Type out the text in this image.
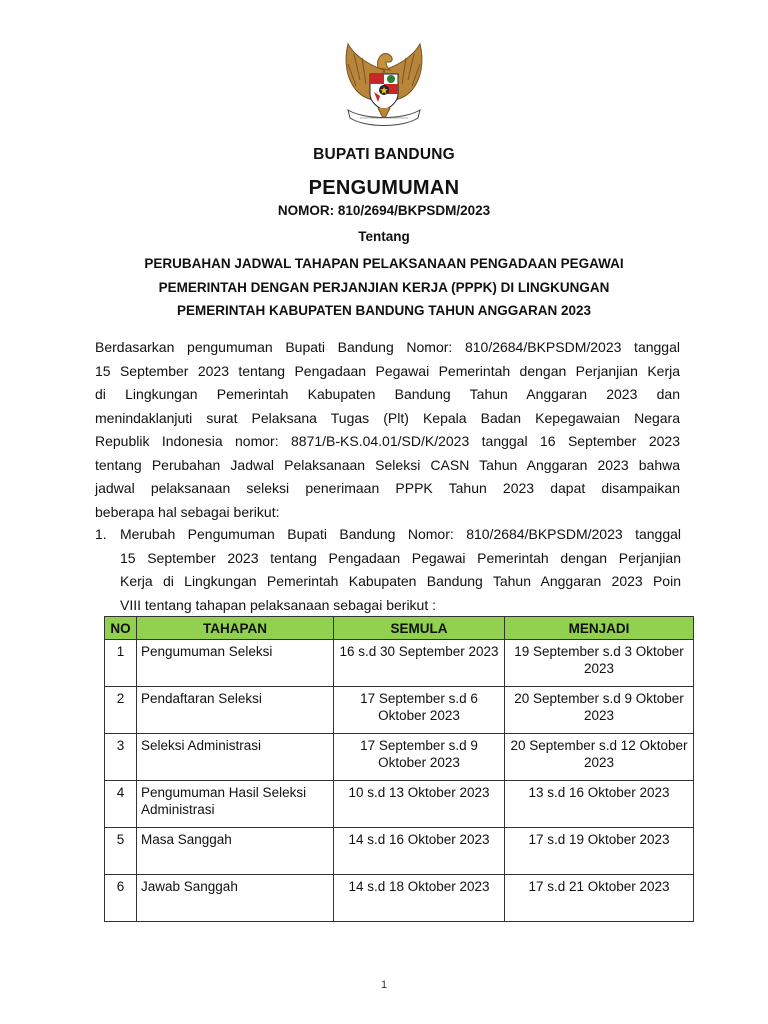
BUPATI BANDUNG
PENGUMUMAN
NOMOR: 810/2694/BKPSDM/2023
Tentang
PERUBAHAN JADWAL TAHAPAN PELAKSANAAN PENGADAAN PEGAWAI
PEMERINTAH DENGAN PERJANJIAN KERJA (PPPK) DI LINGKUNGAN
PEMERINTAH KABUPATEN BANDUNG TAHUN ANGGARAN 2023
Berdasarkan pengumuman Bupati Bandung Nomor: 810/2684/BKPSDM/2023 tanggal
15 September 2023 tentang Pengadaan Pegawai Pemerintah dengan Perjanjian Kerja
di Lingkungan Pemerintah Kabupaten Bandung Tahun Anggaran 2023 dan
menindaklanjuti surat Pelaksana Tugas (Plt) Kepala Badan Kepegawaian Negara
Republik Indonesia nomor: 8871/B-KS.04.01/SD/K/2023 tanggal 16 September 2023
tentang Perubahan Jadwal Pelaksanaan Seleksi CASN Tahun Anggaran 2023 bahwa
jadwal pelaksanaan seleksi penerimaan PPPK Tahun 2023 dapat disampaikan
beberapa hal sebagai berikut:
1. Merubah Pengumuman Bupati Bandung Nomor: 810/2684/BKPSDM/2023 tanggal
15 September 2023 tentang Pengadaan Pegawai Pemerintah dengan Perjanjian
Kerja di Lingkungan Pemerintah Kabupaten Bandung Tahun Anggaran 2023 Poin
VIII tentang tahapan pelaksanaan sebagai berikut :
NO	TAHAPAN	SEMULA	MENJADI
1	Pengumuman Seleksi	16 s.d 30 September 2023	19 September s.d 3 Oktober 2023
2	Pendaftaran Seleksi	17 September s.d 6 Oktober 2023	20 September s.d 9 Oktober 2023
3	Seleksi Administrasi	17 September s.d 9 Oktober 2023	20 September s.d 12 Oktober 2023
4	Pengumuman Hasil Seleksi Administrasi	10 s.d 13 Oktober 2023	13 s.d 16 Oktober 2023
5	Masa Sanggah	14 s.d 16 Oktober 2023	17 s.d 19 Oktober 2023
6	Jawab Sanggah	14 s.d 18 Oktober 2023	17 s.d 21 Oktober 2023
1
